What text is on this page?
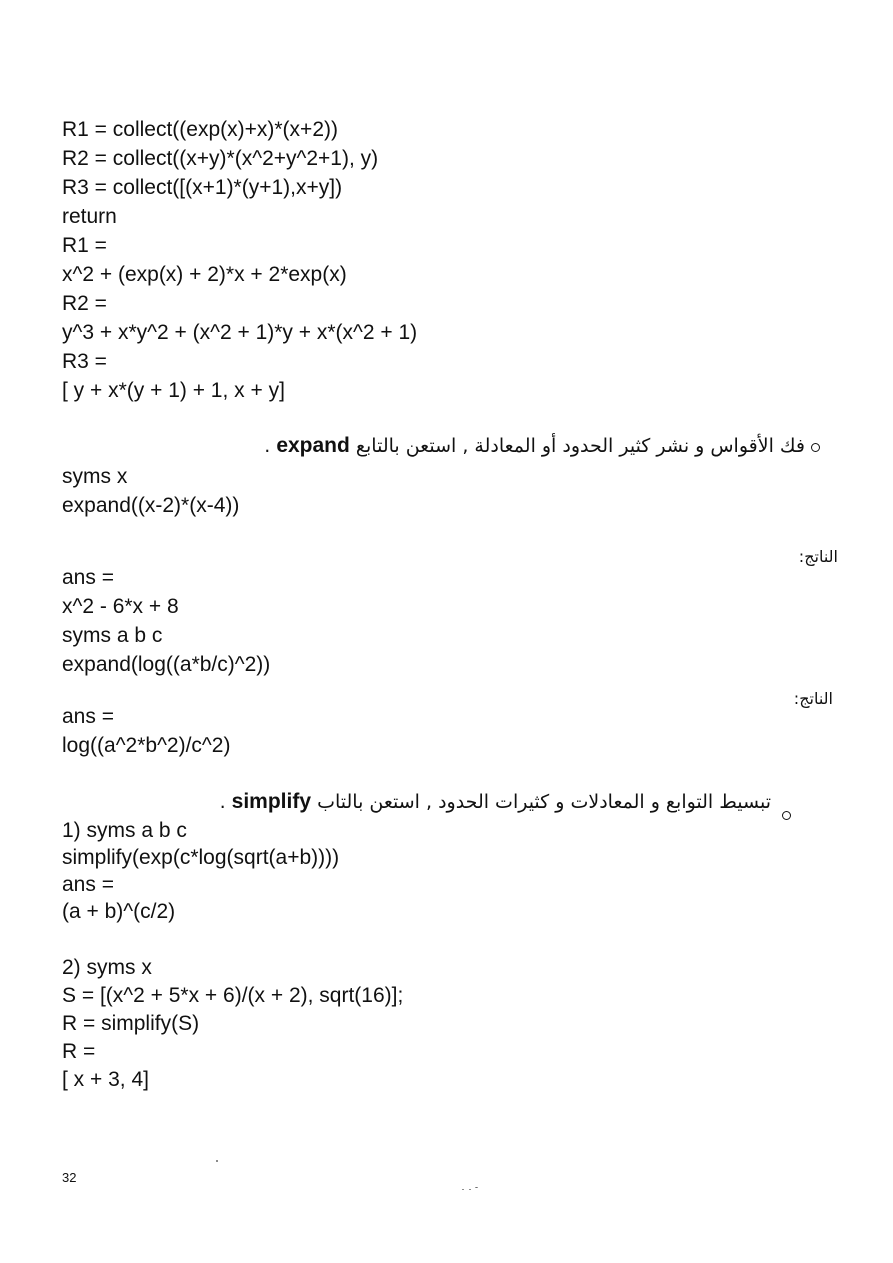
R1 = collect((exp(x)+x)*(x+2))
R2 = collect((x+y)*(x^2+y^2+1), y)
R3 = collect([(x+1)*(y+1),x+y])
return
R1 =
x^2 + (exp(x) + 2)*x + 2*exp(x)
R2 =
y^3 + x*y^2 + (x^2 + 1)*y + x*(x^2 + 1)
R3 =
[ y + x*(y + 1) + 1, x + y]
فك الأقواس و نشر كثير الحدود أو المعادلة , استعن بالتابع expand .
syms x
expand((x-2)*(x-4))
الناتج:
ans =
x^2 - 6*x + 8
syms a b c
expand(log((a*b/c)^2))
الناتج:
ans =
log((a^2*b^2)/c^2)
تبسيط التوابع و المعادلات و كثيرات الحدود , استعن بالتاب simplify .
1) syms a b c
simplify(exp(c*log(sqrt(a+b))))
ans =
(a + b)^(c/2)
2) syms x
S = [(x^2 + 5*x + 6)/(x + 2), sqrt(16)];
R = simplify(S)
R =
[ x + 3, 4]
32
